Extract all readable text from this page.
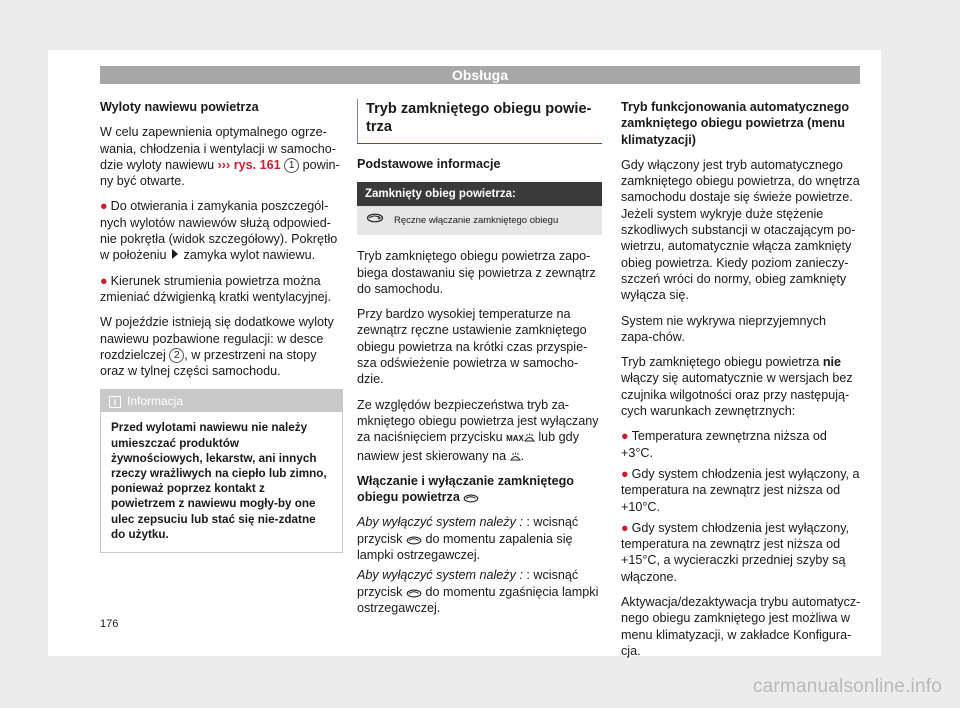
Obsługa

Wyloty nawiewu powietrza

W celu zapewnienia optymalnego ogrze-wania, chłodzenia i wentylacji w samocho-dzie wyloty nawiewu ››› rys. 161 1 powin-ny być otwarte.

● Do otwierania i zamykania poszczegól-nych wylotów nawiewów służą odpowied-nie pokrętła (widok szczegółowy). Pokrętło w położeniu zamyka wylot nawiewu.

● Kierunek strumienia powietrza można zmieniać dźwigienką kratki wentylacyjnej.

W pojeździe istnieją się dodatkowe wyloty nawiewu pozbawione regulacji: w desce rozdzielczej 2 , w przestrzeni na stopy oraz w tylnej części samochodu.

i Informacja
Przed wylotami nawiewu nie należy umieszczać produktów żywnościowych, lekarstw, ani innych rzeczy wrażliwych na ciepło lub zimno, ponieważ poprzez kontakt z powietrzem z nawiewu mogły-by one ulec zepsuciu lub stać się nie-zdatne do użytku.
Tryb zamkniętego obiegu powie-trza

Podstawowe informacje

Zamknięty obieg powietrza:
	Ręczne włączanie zamkniętego obiegu

Tryb zamkniętego obiegu powietrza zapo-biega dostawaniu się powietrza z zewnątrz do samochodu.

Przy bardzo wysokiej temperaturze na zewnątrz ręczne ustawienie zamkniętego obiegu powietrza na krótki czas przyspie-sza odświeżenie powietrza w samocho-dzie.

Ze względów bezpieczeństwa tryb za-mkniętego obiegu powietrza jest wyłączany za naciśnięciem przycisku MAX lub gdy nawiew jest skierowany na .

Włączanie i wyłączanie zamkniętego obiegu powietrza

Aby wyłączyć system należy : : wcisnąć przycisk do momentu zapalenia się lampki ostrzegawczej.

Aby wyłączyć system należy : : wcisnąć przycisk do momentu zgaśnięcia lampki ostrzegawczej.

Tryb funkcjonowania automatycznego zamkniętego obiegu powietrza (menu klimatyzacji)

Gdy włączony jest tryb automatycznego zamkniętego obiegu powietrza, do wnętrza samochodu dostaje się świeże powietrze. Jeżeli system wykryje duże stężenie szkodliwych substancji w otaczającym po-wietrzu, automatycznie włącza zamknięty obieg powietrza. Kiedy poziom zanieczy-szczeń wróci do normy, obieg zamknięty wyłącza się.

System nie wykrywa nieprzyjemnych zapa-chów.

Tryb zamkniętego obiegu powietrza nie włączy się automatycznie w wersjach bez czujnika wilgotności oraz przy następują-cych warunkach zewnętrznych:

● Temperatura zewnętrzna niższa od +3°C.

● Gdy system chłodzenia jest wyłączony, a temperatura na zewnątrz jest niższa od +10°C.

● Gdy system chłodzenia jest wyłączony, temperatura na zewnątrz jest niższa od +15°C, a wycieraczki przedniej szyby są włączone.

Aktywacja/dezaktywacja trybu automatycz-nego obiegu zamkniętego jest możliwa w menu klimatyzacji, w zakładce Konfigura-cja.

176
carmanualsonline.info
